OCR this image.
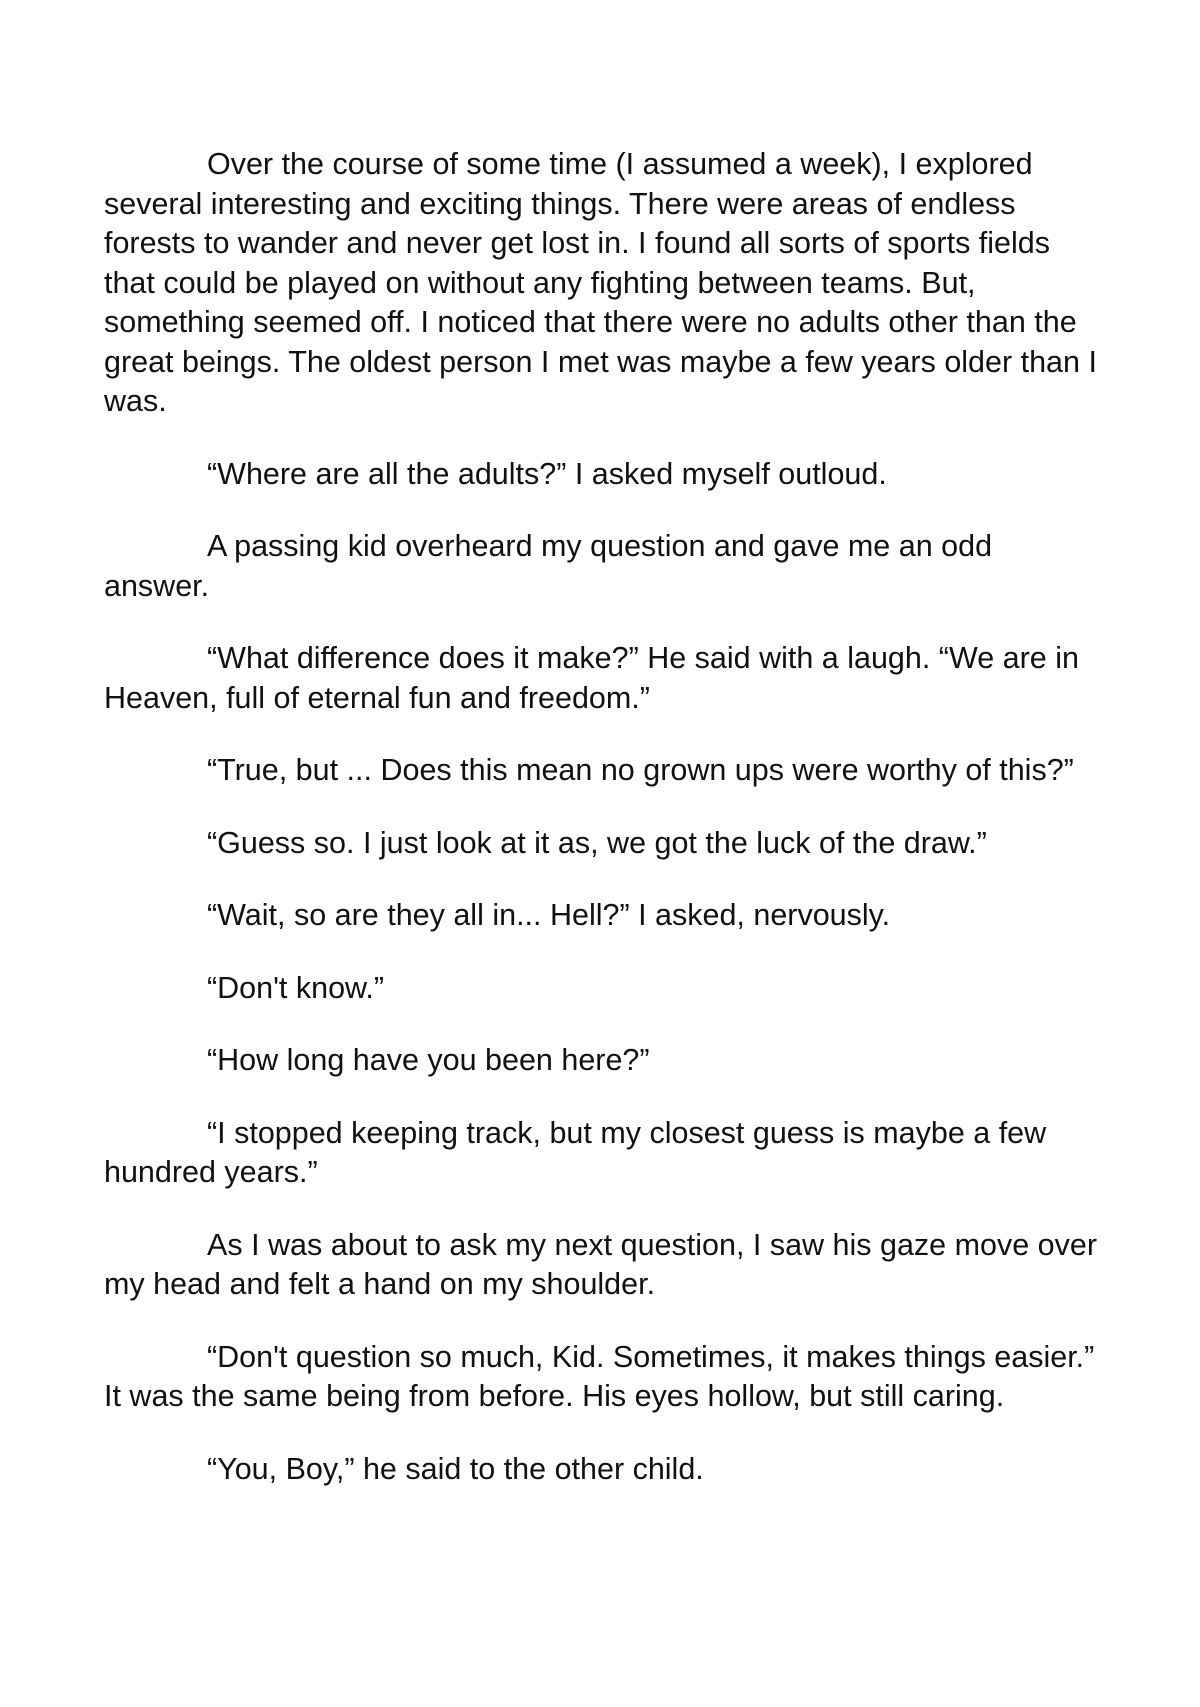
Over the course of some time (I assumed a week), I explored several interesting and exciting things. There were areas of endless forests to wander and never get lost in. I found all sorts of sports fields that could be played on without any fighting between teams. But, something seemed off. I noticed that there were no adults other than the great beings. The oldest person I met was maybe a few years older than I was.

“Where are all the adults?” I asked myself outloud.

A passing kid overheard my question and gave me an odd answer.

“What difference does it make?” He said with a laugh. “We are in Heaven, full of eternal fun and freedom.”

“True, but ... Does this mean no grown ups were worthy of this?”

“Guess so. I just look at it as, we got the luck of the draw.”

“Wait, so are they all in... Hell?” I asked, nervously.

“Don't know.”

“How long have you been here?”

“I stopped keeping track, but my closest guess is maybe a few hundred years.”

As I was about to ask my next question, I saw his gaze move over my head and felt a hand on my shoulder.

“Don't question so much, Kid. Sometimes, it makes things easier.” It was the same being from before. His eyes hollow, but still caring.

“You, Boy,” he said to the other child.
